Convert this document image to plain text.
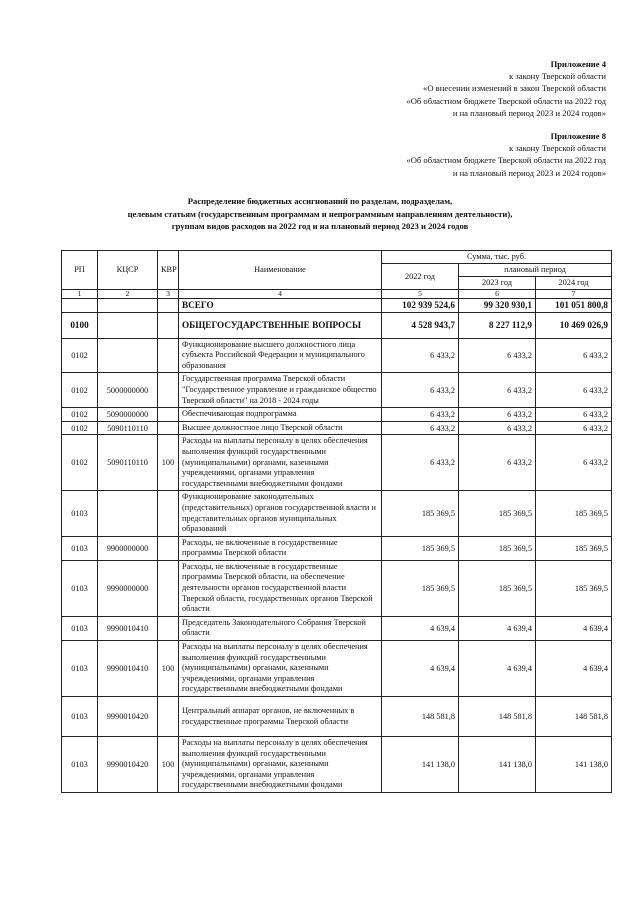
Приложение 4
к закону Тверской области
«О внесении изменений в закон Тверской области
«Об областном бюджете Тверской области на 2022 год
и на плановый период 2023 и 2024 годов»
Приложение 8
к закону Тверской области
«Об областном бюджете Тверской области на 2022 год
и на плановый период 2023 и 2024 годов»
Распределение бюджетных ассигнований по разделам, подразделам,
целевым статьям (государственным программам и непрограммным направлениям деятельности),
группам видов расходов на 2022 год и на плановый период 2023 и 2024 годов
РП	КЦСР	КВР	Наименование	Сумма, тыс. руб.		
				2022 год	плановый период	
					2023 год	2024 год
1	2	3	4	5	6	7
			ВСЕГО	102 939 524,6	99 320 930,1	101 051 800,8
0100			ОБЩЕГОСУДАРСТВЕННЫЕ ВОПРОСЫ	4 528 943,7	8 227 112,9	10 469 026,9
0102			Функционирование высшего должностного лица субъекта Российской Федерации и муниципального образования	6 433,2	6 433,2	6 433,2
0102	5000000000		Государственная программа Тверской области "Государственное управление и гражданское общество Тверской области" на 2018 - 2024 годы	6 433,2	6 433,2	6 433,2
0102	5090000000		Обеспечивающая подпрограмма	6 433,2	6 433,2	6 433,2
0102	5090110110		Высшее должностное лицо Тверской области	6 433,2	6 433,2	6 433,2
0102	5090110110	100	Расходы на выплаты персоналу в целях обеспечения выполнения функций государственными (муниципальными) органами, казенными учреждениями, органами управления государственными внебюджетными фондами	6 433,2	6 433,2	6 433,2
0103			Функционирование законодательных (представительных) органов государственной власти и представительных органов муниципальных образований	185 369,5	185 369,5	185 369,5
0103	9900000000		Расходы, не включенные в государственные программы Тверской области	185 369,5	185 369,5	185 369,5
0103	9990000000		Расходы, не включенные в государственные программы Тверской области, на обеспечение деятельности органов государственной власти Тверской области, государственных органов Тверской области	185 369,5	185 369,5	185 369,5
0103	9990010410		Председатель Законодательного Собрания Тверской области	4 639,4	4 639,4	4 639,4
0103	9990010410	100	Расходы на выплаты персоналу в целях обеспечения выполнения функций государственными (муниципальными) органами, казенными учреждениями, органами управления государственными внебюджетными фондами	4 639,4	4 639,4	4 639,4
0103	9990010420		Центральный аппарат органов, не включенных в государственные программы Тверской области	148 581,8	148 581,8	148 581,8
0103	9990010420	100	Расходы на выплаты персоналу в целях обеспечения выполнения функций государственными (муниципальными) органами, казенными учреждениями, органами управления государственными внебюджетными фондами	141 138,0	141 138,0	141 138,0
